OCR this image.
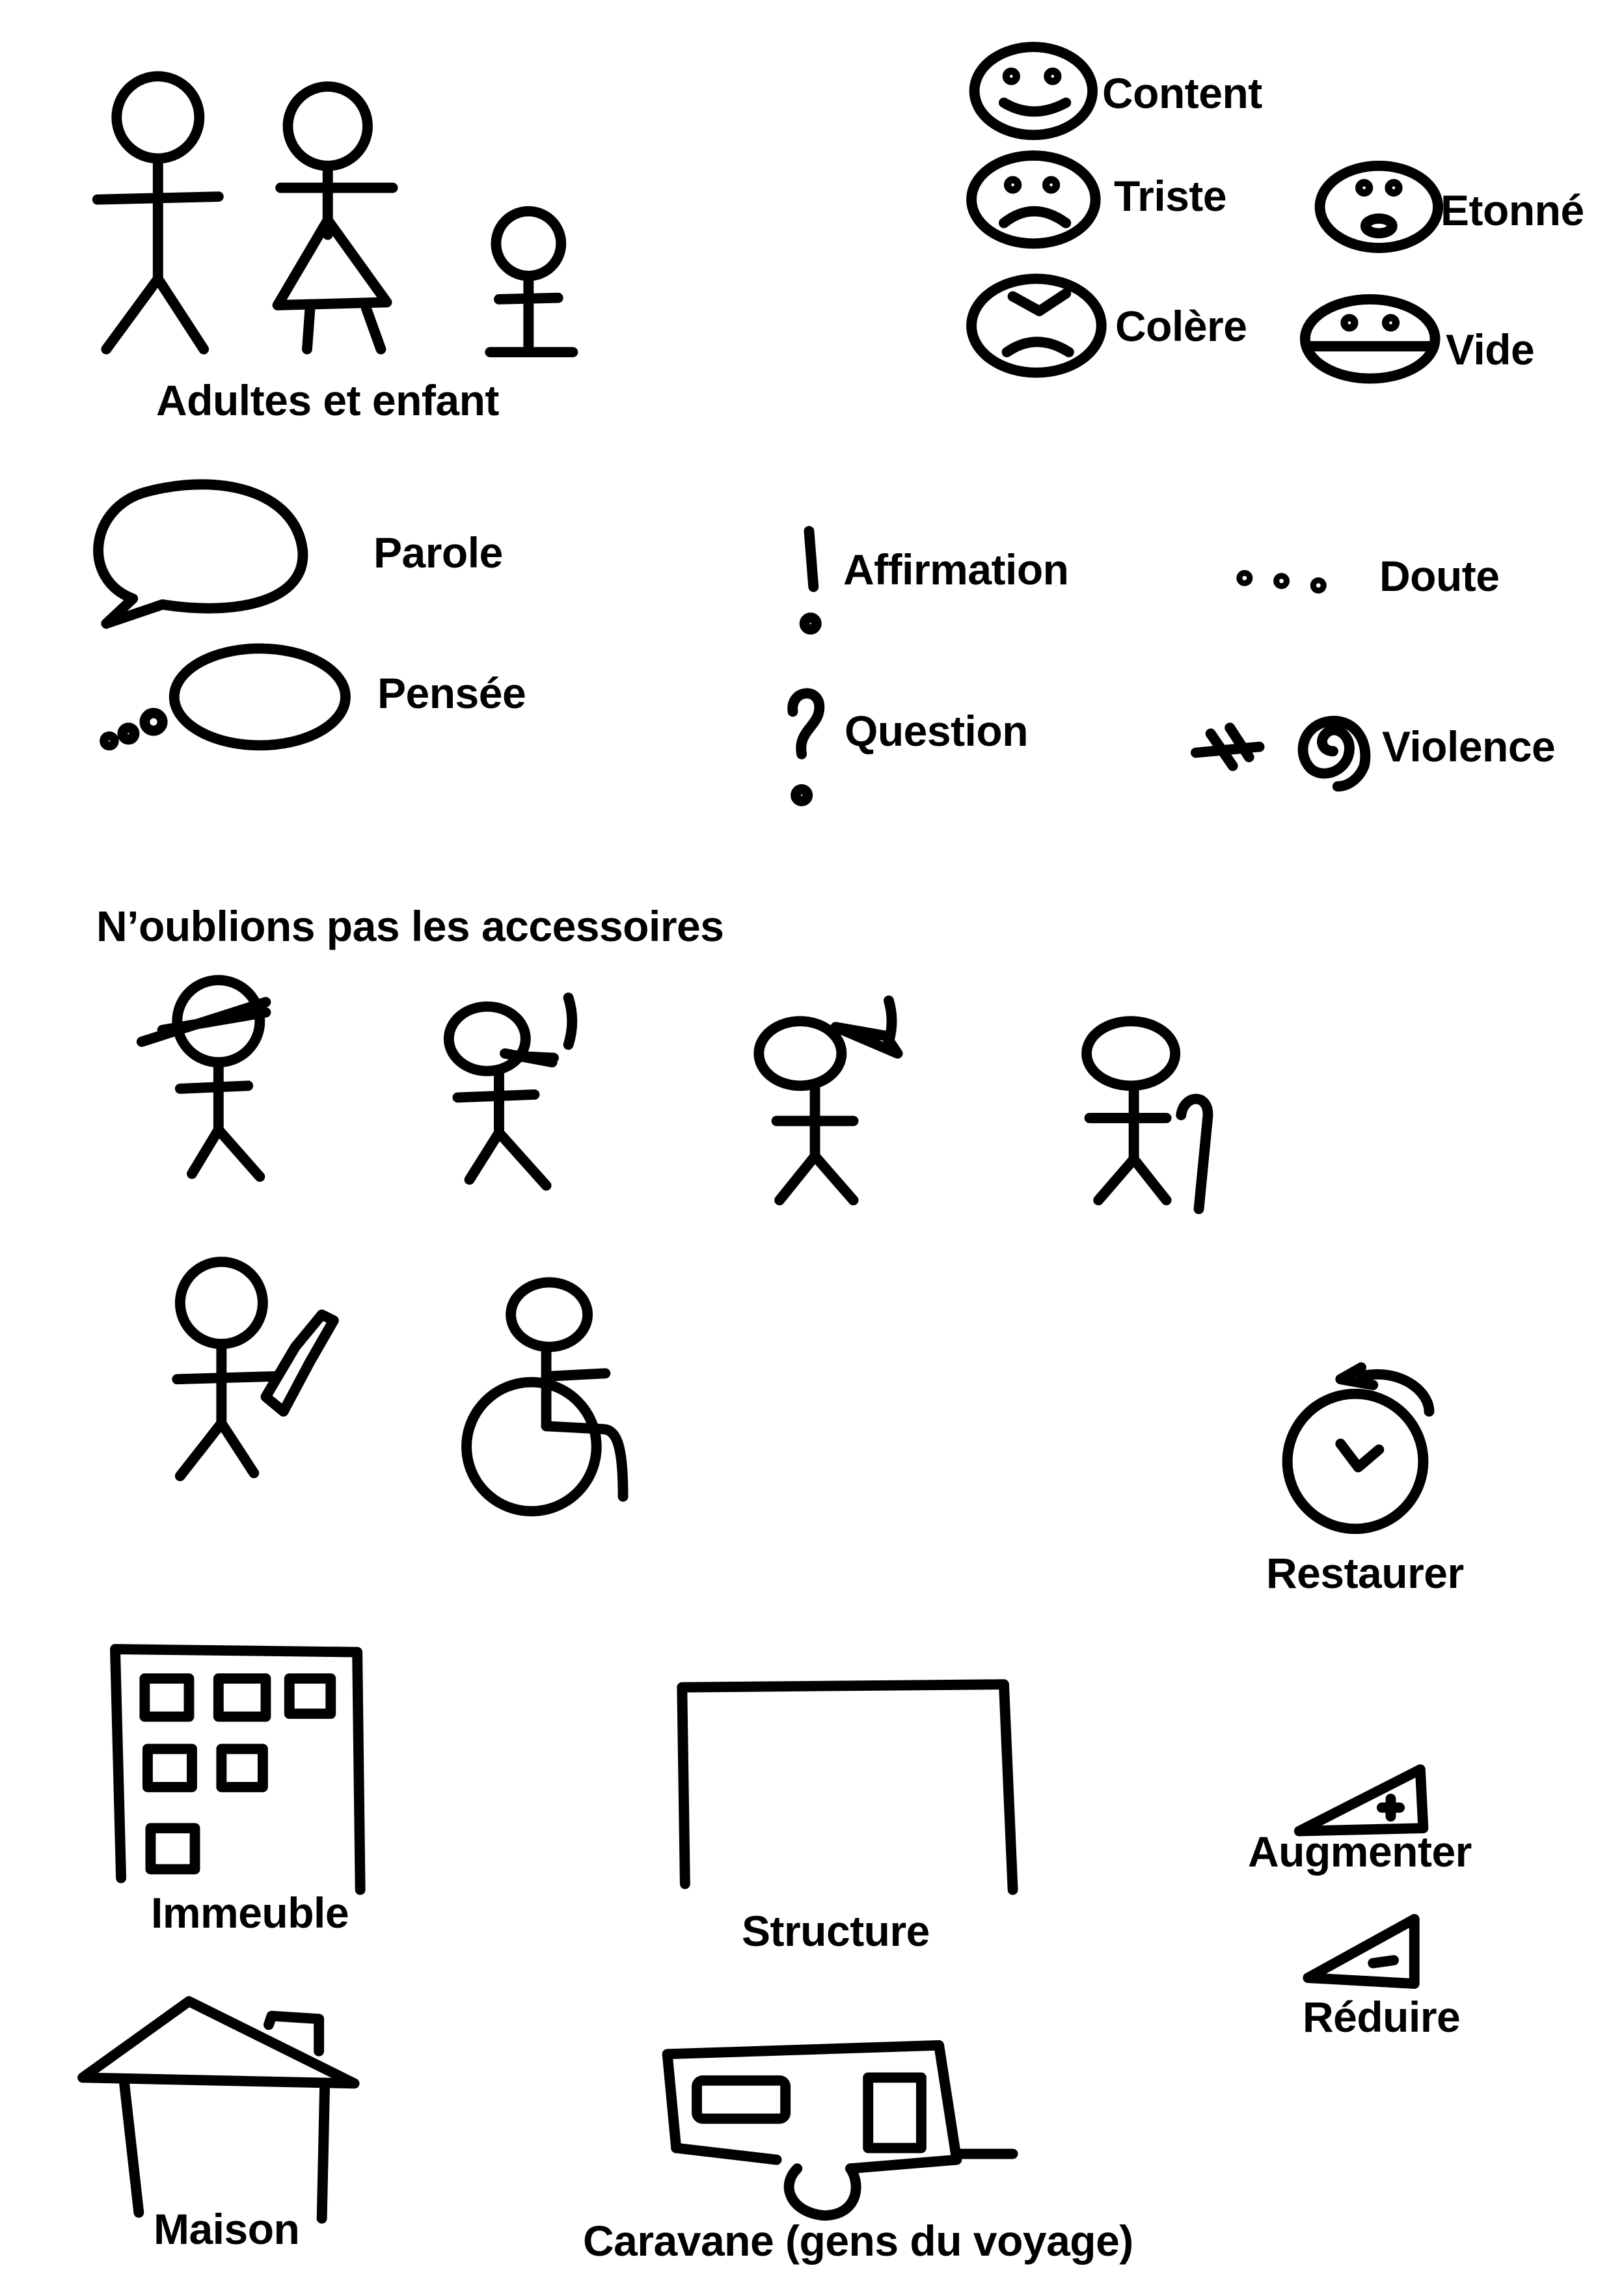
Adultes et enfant
Content
Triste	Etonné
Colère	Vide
Parole
Pensée
Affirmation
Question
Doute
Violence
N’oublions pas les accessoires
Restaurer
Immeuble	Structure
Augmenter
Réduire
Maison	Caravane (gens du voyage)
